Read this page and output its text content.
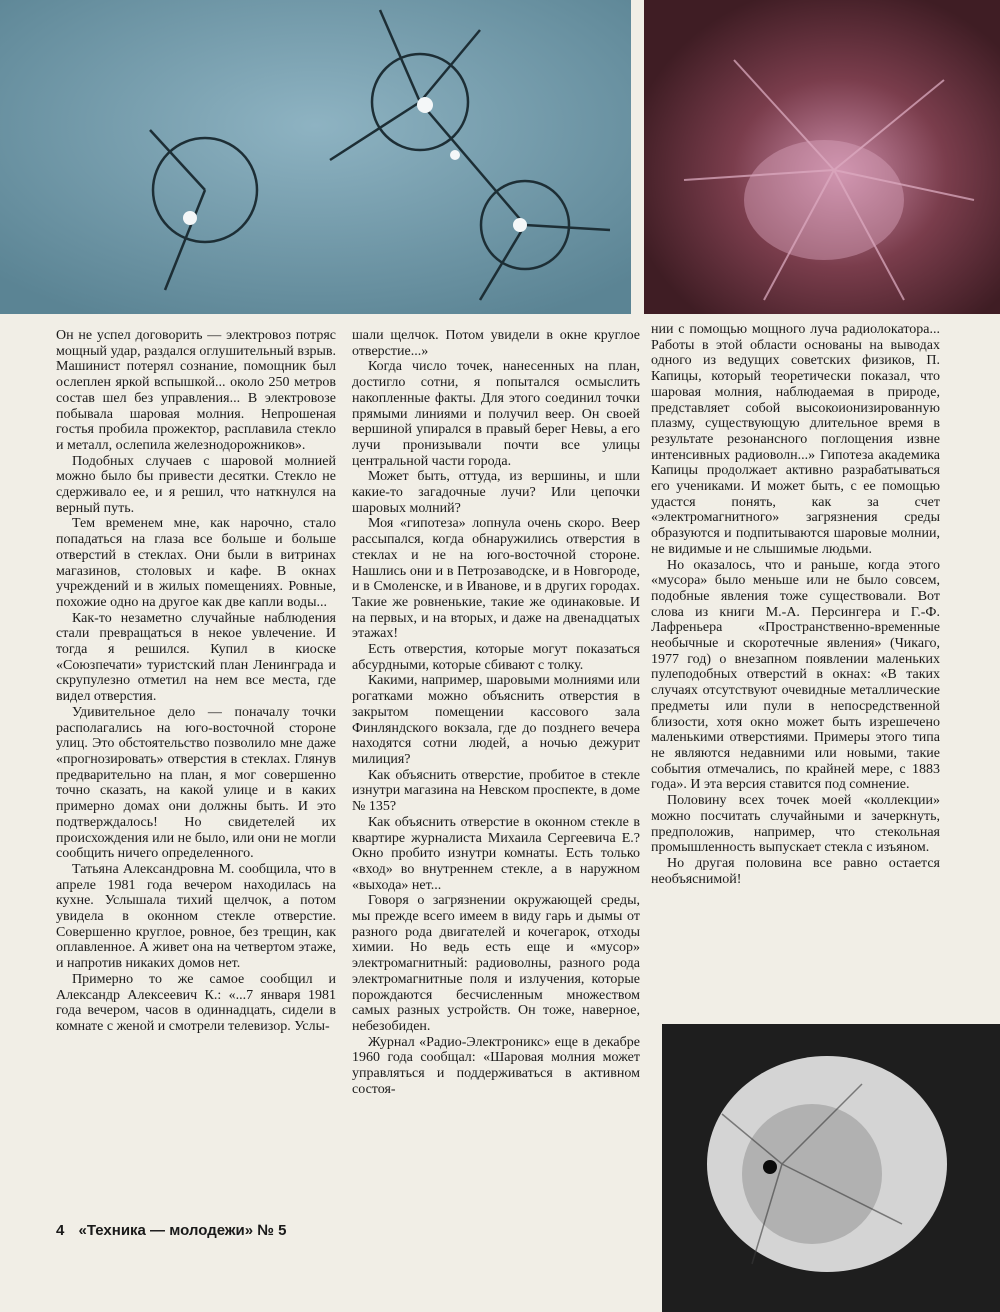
Он не успел договорить — электровоз потряс мощный удар, раздался оглушительный взрыв. Машинист потерял сознание, помощник был ослеплен яркой вспышкой... около 250 метров состав шел без управления... В электровозе побывала шаровая молния. Непрошеная гостья пробила прожектор, расплавила стекло и металл, ослепила железнодорожников».

Подобных случаев с шаровой молнией можно было бы привести десятки. Стекло не сдерживало ее, и я решил, что наткнулся на верный путь.

Тем временем мне, как нарочно, стало попадаться на глаза все больше и больше отверстий в стеклах. Они были в витринах магазинов, столовых и кафе. В окнах учреждений и в жилых помещениях. Ровные, похожие одно на другое как две капли воды...

Как-то незаметно случайные наблюдения стали превращаться в некое увлечение. И тогда я решился. Купил в киоске «Союзпечати» туристский план Ленинграда и скрупулезно отметил на нем все места, где видел отверстия.

Удивительное дело — поначалу точки располагались на юго-восточной стороне улиц. Это обстоятельство позволило мне даже «прогнозировать» отверстия в стеклах. Глянув предварительно на план, я мог совершенно точно сказать, на какой улице и в каких примерно домах они должны быть. И это подтверждалось! Но свидетелей их происхождения или не было, или они не могли сообщить ничего определенного.

Татьяна Александровна М. сообщила, что в апреле 1981 года вечером находилась на кухне. Услышала тихий щелчок, а потом увидела в оконном стекле отверстие. Совершенно круглое, ровное, без трещин, как оплавленное. А живет она на четвертом этаже, и напротив никаких домов нет.

Примерно то же самое сообщил и Александр Алексеевич К.: «...7 января 1981 года вечером, часов в одиннадцать, сидели в комнате с женой и смотрели телевизор. Услы-

шали щелчок. Потом увидели в окне круглое отверстие...»

Когда число точек, нанесенных на план, достигло сотни, я попытался осмыслить накопленные факты. Для этого соединил точки прямыми линиями и получил веер. Он своей вершиной упирался в правый берег Невы, а его лучи пронизывали почти все улицы центральной части города.

Может быть, оттуда, из вершины, и шли какие-то загадочные лучи? Или цепочки шаровых молний?

Моя «гипотеза» лопнула очень скоро. Веер рассыпался, когда обнаружились отверстия в стеклах и не на юго-восточной стороне. Нашлись они и в Петрозаводске, и в Новгороде, и в Смоленске, и в Иванове, и в других городах. Такие же ровненькие, такие же одинаковые. И на первых, и на вторых, и даже на двенадцатых этажах!

Есть отверстия, которые могут показаться абсурдными, которые сбивают с толку.

Какими, например, шаровыми молниями или рогатками можно объяснить отверстия в закрытом помещении кассового зала Финляндского вокзала, где до позднего вечера находятся сотни людей, а ночью дежурит милиция?

Как объяснить отверстие, пробитое в стекле изнутри магазина на Невском проспекте, в доме № 135?

Как объяснить отверстие в оконном стекле в квартире журналиста Михаила Сергеевича Е.? Окно пробито изнутри комнаты. Есть только «вход» во внутреннем стекле, а в наружном «выхода» нет...

Говоря о загрязнении окружающей среды, мы прежде всего имеем в виду гарь и дымы от разного рода двигателей и кочегарок, отходы химии. Но ведь есть еще и «мусор» электромагнитный: радиоволны, разного рода электромагнитные поля и излучения, которые порождаются бесчисленным множеством самых разных устройств. Он тоже, наверное, небезобиден.

Журнал «Радио-Электроникс» еще в декабре 1960 года сообщал: «Шаровая молния может управляться и поддерживаться в активном состоя-

нии с помощью мощного луча радиолокатора... Работы в этой области основаны на выводах одного из ведущих советских физиков, П. Капицы, который теоретически показал, что шаровая молния, наблюдаемая в природе, представляет собой высокоионизированную плазму, существующую длительное время в результате резонансного поглощения извне интенсивных радиоволн...» Гипотеза академика Капицы продолжает активно разрабатываться его учениками. И может быть, с ее помощью удастся понять, как за счет «электромагнитного» загрязнения среды образуются и подпитываются шаровые молнии, не видимые и не слышимые людьми.

Но оказалось, что и раньше, когда этого «мусора» было меньше или не было совсем, подобные явления тоже существовали. Вот слова из книги М.-А. Персингера и Г.-Ф. Лафреньера «Пространственно-временные необычные и скоротечные явления» (Чикаго, 1977 год) о внезапном появлении маленьких пулеподобных отверстий в окнах: «В таких случаях отсутствуют очевидные металлические предметы или пули в непосредственной близости, хотя окно может быть изрешечено маленькими отверстиями. Примеры этого типа не являются недавними или новыми, такие события отмечались, по крайней мере, с 1883 года». И эта версия ставится под сомнение.

Половину всех точек моей «коллекции» можно посчитать случайными и зачеркнуть, предположив, например, что стекольная промышленность выпускает стекла с изъяном.

Но другая половина все равно остается необъяснимой!

4 «Техника — молодежи» № 5
